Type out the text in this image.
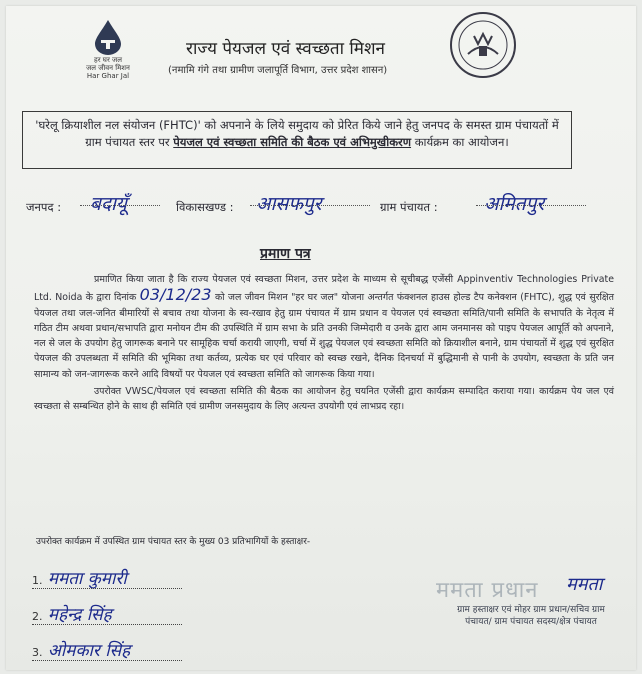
हर घर जल
जल जीवन मिशन
Har Ghar Jal
राज्य पेयजल एवं स्वच्छता मिशन
(नमामि गंगे तथा ग्रामीण जलापूर्ति विभाग, उत्तर प्रदेश शासन)
'घरेलू क्रियाशील नल संयोजन (FHTC)' को अपनाने के लिये समुदाय को प्रेरित किये जाने हेतु जनपद के समस्त ग्राम पंचायतों में ग्राम पंचायत स्तर पर पेयजल एवं स्वच्छता समिति की बैठक एवं अभिमुखीकरण कार्यक्रम का आयोजन।
जनपद : बदायूँ	विकासखण्ड : आसफपुर	ग्राम पंचायत : अमितपुर
प्रमाण पत्र

प्रमाणित किया जाता है कि राज्य पेयजल एवं स्वच्छता मिशन, उत्तर प्रदेश के माध्यम से सूचीबद्ध एजेंसी Appinventiv Technologies Private Ltd. Noida के द्वारा दिनांक 03/12/23 को जल जीवन मिशन "हर घर जल" योजना अन्तर्गत फंक्शनल हाउस होल्ड टैप कनेक्शन (FHTC), शुद्ध एवं सुरक्षित पेयजल तथा जल-जनित बीमारियों से बचाव तथा योजना के स्व-रखाव हेतु ग्राम पंचायत में ग्राम प्रधान व पेयजल एवं स्वच्छता समिति/पानी समिति के सभापति के नेतृत्व में गठित टीम अथवा प्रधान/सभापति द्वारा मनोयन टीम की उपस्थिति में ग्राम सभा के प्रति उनकी जिम्मेदारी व उनके द्वारा आम जनमानस को पाइप पेयजल आपूर्ति को अपनाने, नल से जल के उपयोग हेतु जागरूक बनाने पर सामूहिक चर्चा करायी जाएगी, चर्चा में शुद्ध पेयजल एवं स्वच्छता समिति को क्रियाशील बनाने, ग्राम पंचायतों में शुद्ध एवं सुरक्षित पेयजल की उपलब्धता में समिति की भूमिका तथा कर्तव्य, प्रत्येक घर एवं परिवार को स्वच्छ रखने, दैनिक दिनचर्या में बुद्धिमानी से पानी के उपयोग, स्वच्छता के प्रति जन सामान्य को जन-जागरूक करने आदि विषयों पर पेयजल एवं स्वच्छता समिति को जागरूक किया गया।

उपरोक्त VWSC/पेयजल एवं स्वच्छता समिति की बैठक का आयोजन हेतु चयनित एजेंसी द्वारा कार्यक्रम सम्पादित कराया गया। कार्यक्रम पेय जल एवं स्वच्छता से सम्बन्धित होने के साथ ही समिति एवं ग्रामीण जनसमुदाय के लिए अत्यन्त उपयोगी एवं लाभप्रद रहा।

उपरोक्त कार्यक्रम में उपस्थित ग्राम पंचायत स्तर के मुख्य 03 प्रतिभागियों के हस्ताक्षर-
1. ममता कुमारी
2. महेन्द्र सिंह
3. ओमकार सिंह
ममता प्रधान ममता
ग्राम हस्ताक्षर एवं मोहर ग्राम प्रधान/सचिव ग्राम पंचायत/ ग्राम पंचायत सदस्य/क्षेत्र पंचायत
